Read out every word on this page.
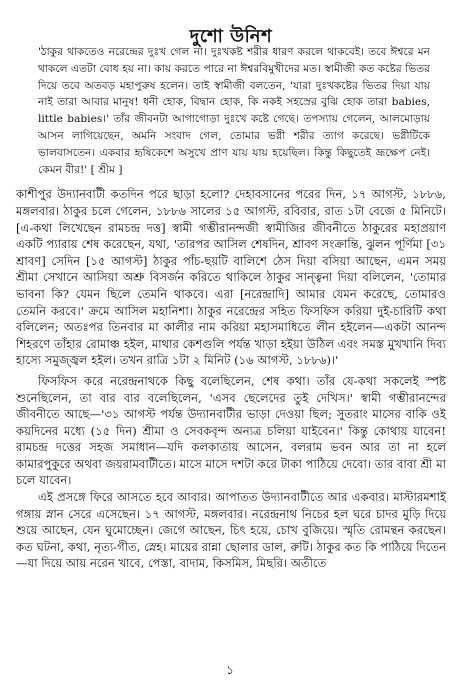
দুশো উনিশ

'ঠাকুর থাকতেও নরেন্দ্রের দুঃখ গেল না। দুঃখকষ্ট শরীর ধারণ করলে থাকবেই। তবে ঈশ্বরে মন থাকলে এতটা বোধ হয় না। কায় করতে পারে না ঈশ্বরবিমুখীদের মত। স্বামীজী কত কষ্টের ভিতর দিয়ে তবে অতবড় মহাপুরুষ হলেন। তাই স্বামীজী বলতেন, 'যারা দুঃখকষ্টের ভিতর দিয়া যায় নাই তারা আবার মানুষ! ধনী হোক, বিদ্বান হোক, কি নকই সহস্রের বুঝি হোক তারা babies, little babies।' তাঁর জীবনটা আগাগোড়া দুঃখে কষ্টে গেছে। তপস্যায় গেলেন, আলমোড়ায় আসন লাগিয়েছেন, অমনি সংবাদ গেল, তোমার ভগ্নী শরীর ত্যাগ করেছে। ভগ্নীটিকে ভালবাসতেন। একবার হৃষিকেশে অসুখে প্রাণ যায় যায় হয়েছিল। কিন্তু কিছুতেই ভ্রূক্ষেপ নেই। কেমন বীর!' [ শ্রীম ]

কাশীপুর উদ্যানবাটী কতদিন পরে ছাড়া হলো? দেহাবসানের পরের দিন, ১৭ আগস্ট, ১৮৮৬, মঙ্গলবার। ঠাকুর চলে গেলেন, ১৮৮৬ সালের ১৫ আগস্ট, রবিবার, রাত ১টা বেজে ৫ মিনিটে। [এ-কথা লিখেছেন রামচন্দ্র দত্ত] স্বামী গম্ভীরানন্দজী স্বামীজির জীবনীতে ঠাকুরের মহাপ্রয়াণ একটি প্যারায় শেষ করেছেন, যথা, 'তারপর আসিল শেষদিন, শ্রাবণ সংক্রান্তি, ঝুলন পূর্ণিমা [৩১ শ্রাবণ] সেদিন [১৫ আগস্ট] ঠাকুর পাঁচ-ছয়টি বালিশে ঠেস দিয়া বসিয়া আছেন, এমন সময় শ্রীমা সেখানে আসিয়া অশ্রু বিসর্জন করিতে থাকিলে ঠাকুর সান্ত্বনা দিয়া বলিলেন, 'তোমার ভাবনা কি? যেমন ছিলে তেমনি থাকবে। এরা [নরেন্দ্রাদি] আমার যেমন করেছে, তোমারও তেমনি করবে।' ক্রমে আসিল মহানিশা। ঠাকুর নরেন্দ্রের সহিত ফিসফিস করিয়া দুই-চারিটি কথা বলিলেন; অতঃপর তিনবার মা কালীর নাম করিয়া মহাসমাধিতে লীন হইলেন—একটা আনন্দ শিহরণে তাঁহার রোমাঞ্চ হইল, মাথার কেশগুলি পর্যন্ত খাড়া হইয়া উঠিল এবং সমস্ত মুখখানি দিব্য হাস্যে সমুজ্জ্বল হইল। তখন রাত্রি ১টা ২ মিনিট (১৬ আগস্ট, ১৮৮৬)।'

ফিসফিস করে নরেন্দ্রনাথকে কিছু বলেছিলেন, শেষ কথা। তাঁর যে-কথা সকলেই স্পষ্ট শুনেছিলেন, তা বার বার বলেছিলেন, 'এসব ছেলেদের তুই দেখিস।' স্বামী গম্ভীরানন্দের জীবনীতে আছে—'৩১ আগস্ট পর্যন্ত উদ্যানবাটীর ভাড়া দেওয়া ছিল; সুতরাং মাসের বাকি ওই কয়দিনের মধ্যে (১৫ দিন) শ্রীমা ও সেবকবৃন্দ অন্যত্র চলিয়া যাইবেন।' কিন্তু কোথায় যাবেন! রামচন্দ্র দত্তের সহজ সমাধান—যদি কলকাতায় আসেন, বলরাম ভবন আর তা না হলে কামারপুকুরে অথবা জয়রামবাটীতে। মাসে মাসে দশটা করে টাকা পাঠিয়ে দেবো। তার বাবা শ্রী মা চলে যাবেন।

এই প্রসঙ্গে ফিরে আসতে হবে আবার। আপাতত উদ্যানবাটীতে আর একবার। মাস্টারমশাই গঙ্গায় স্নান সেরে এসেছেন। ১৭ আগস্ট, মঙ্গলবার। নরেন্দ্রনাথ নিচের হল ঘরে চাদর মুড়ি দিয়ে শুয়ে আছেন, যেন ঘুমোচ্ছেন। জেগে আছেন, চিৎ হয়ে, চোখ বুজিয়ে। স্মৃতি রোমন্থন করছেন। কত ঘটনা, কথা, নৃত্য-গীত, স্নেহ। মায়ের রান্না ছোলার ডাল, রুটি। ঠাকুর কত কি পাঠিয়ে দিতেন—যা দিয়ে আয় নরেন খাবে, পেস্তা, বাদাম, কিসমিস, মিছরি। অতীতে

১
